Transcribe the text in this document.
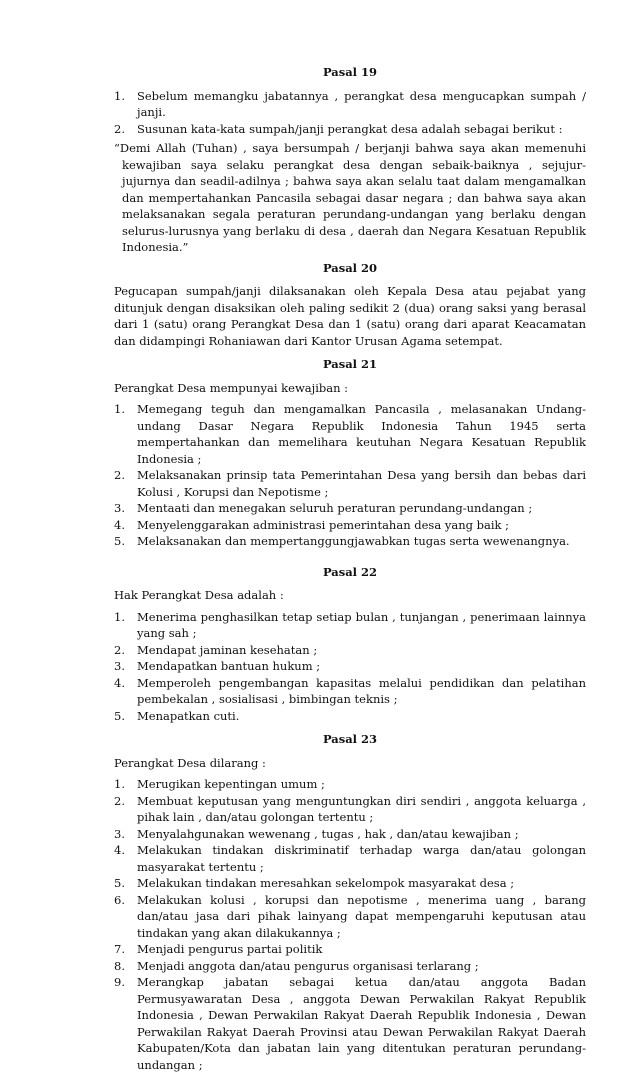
Pasal 19
1. Sebelum memangku jabatannya , perangkat desa mengucapkan sumpah / janji.
2. Susunan kata-kata sumpah/janji perangkat desa adalah sebagai berikut :

“Demi Allah (Tuhan) , saya bersumpah / berjanji bahwa saya akan memenuhi kewajiban saya selaku perangkat desa dengan sebaik-baiknya , sejujur-jujurnya dan seadil-adilnya ; bahwa saya akan selalu taat dalam mengamalkan dan mempertahankan Pancasila sebagai dasar negara ; dan bahwa saya akan melaksanakan segala peraturan perundang-undangan yang berlaku dengan selurus-lurusnya yang berlaku di desa , daerah dan Negara Kesatuan Republik Indonesia.”

Pasal 20

Pegucapan sumpah/janji dilaksanakan oleh Kepala Desa atau pejabat yang ditunjuk dengan disaksikan oleh paling sedikit 2 (dua) orang saksi yang berasal dari 1 (satu) orang Perangkat Desa dan 1 (satu) orang dari aparat Keacamatan dan didampingi Rohaniawan dari Kantor Urusan Agama setempat.

Pasal 21

Perangkat Desa mempunyai kewajiban :

1. Memegang teguh dan mengamalkan Pancasila , melasanakan Undang-undang Dasar Negara Republik Indonesia Tahun 1945 serta mempertahankan dan memelihara keutuhan Negara Kesatuan Republik Indonesia ;
2. Melaksanakan prinsip tata Pemerintahan Desa yang bersih dan bebas dari Kolusi , Korupsi dan Nepotisme ;
3. Mentaati dan menegakan seluruh peraturan perundang-undangan ;
4. Menyelenggarakan administrasi pemerintahan desa yang baik ;
5. Melaksanakan dan mempertanggungjawabkan tugas serta wewenangnya.
Pasal 22

Hak Perangkat Desa adalah :

1. Menerima penghasilkan tetap setiap bulan , tunjangan , penerimaan lainnya yang sah ;
2. Mendapat jaminan kesehatan ;
3. Mendapatkan bantuan hukum ;
4. Memperoleh pengembangan kapasitas melalui pendidikan dan pelatihan pembekalan , sosialisasi , bimbingan teknis ;
5. Menapatkan cuti.
Pasal 23

Perangkat Desa dilarang :

1. Merugikan kepentingan umum ;
2. Membuat keputusan yang menguntungkan diri sendiri , anggota keluarga , pihak lain , dan/atau golongan tertentu ;
3. Menyalahgunakan wewenang , tugas , hak , dan/atau kewajiban ;
4. Melakukan tindakan diskriminatif terhadap warga dan/atau golongan masyarakat tertentu ;
5. Melakukan tindakan meresahkan sekelompok masyarakat desa ;
6. Melakukan kolusi , korupsi dan nepotisme , menerima uang , barang dan/atau jasa dari pihak lainyang dapat mempengaruhi keputusan atau tindakan yang akan dilakukannya ;
7. Menjadi pengurus partai politik
8. Menjadi anggota dan/atau pengurus organisasi terlarang ;
9. Merangkap jabatan sebagai ketua dan/atau anggota Badan Permusyawaratan Desa , anggota Dewan Perwakilan Rakyat Republik Indonesia , Dewan Perwakilan Rakyat Daerah Republik Indonesia , Dewan Perwakilan Rakyat Daerah Provinsi atau Dewan Perwakilan Rakyat Daerah Kabupaten/Kota dan jabatan lain yang ditentukan peraturan perundang-undangan ;
